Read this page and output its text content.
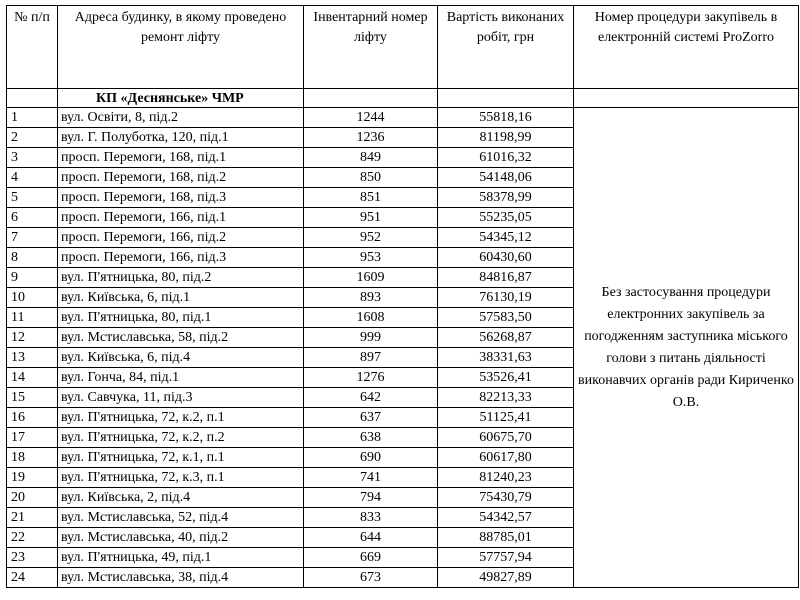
№ п/п	Адреса будинку, в якому проведено ремонт ліфту	Інвентарний номер ліфту	Вартість виконаних робіт, грн	Номер процедури закупівель в електронній системі ProZorro
	КП «Деснянське» ЧМР			
1	вул. Освіти, 8, під.2	1244	55818,16	Без застосування процедури електронних закупівель за погодженням заступника міського голови з питань діяльності виконавчих органів ради Кириченко О.В.
2	вул. Г. Полуботка, 120, під.1	1236	81198,99	
3	просп. Перемоги, 168, під.1	849	61016,32	
4	просп. Перемоги, 168, під.2	850	54148,06	
5	просп. Перемоги, 168, під.3	851	58378,99	
6	просп. Перемоги, 166, під.1	951	55235,05	
7	просп. Перемоги, 166, під.2	952	54345,12	
8	просп. Перемоги, 166, під.3	953	60430,60	
9	вул. П'ятницька, 80, під.2	1609	84816,87	
10	вул. Київська, 6, під.1	893	76130,19	
11	вул. П'ятницька, 80, під.1	1608	57583,50	
12	вул. Мстиславська, 58, під.2	999	56268,87	
13	вул. Київська, 6, під.4	897	38331,63	
14	вул. Гонча, 84, під.1	1276	53526,41	
15	вул. Савчука, 11, під.3	642	82213,33	
16	вул. П'ятницька, 72, к.2, п.1	637	51125,41	
17	вул. П'ятницька, 72, к.2, п.2	638	60675,70	
18	вул. П'ятницька, 72, к.1, п.1	690	60617,80	
19	вул. П'ятницька, 72, к.3, п.1	741	81240,23	
20	вул. Київська, 2, під.4	794	75430,79	
21	вул. Мстиславська, 52, під.4	833	54342,57	
22	вул. Мстиславська, 40, під.2	644	88785,01	
23	вул. П'ятницька, 49, під.1	669	57757,94	
24	вул. Мстиславська, 38, під.4	673	49827,89	
